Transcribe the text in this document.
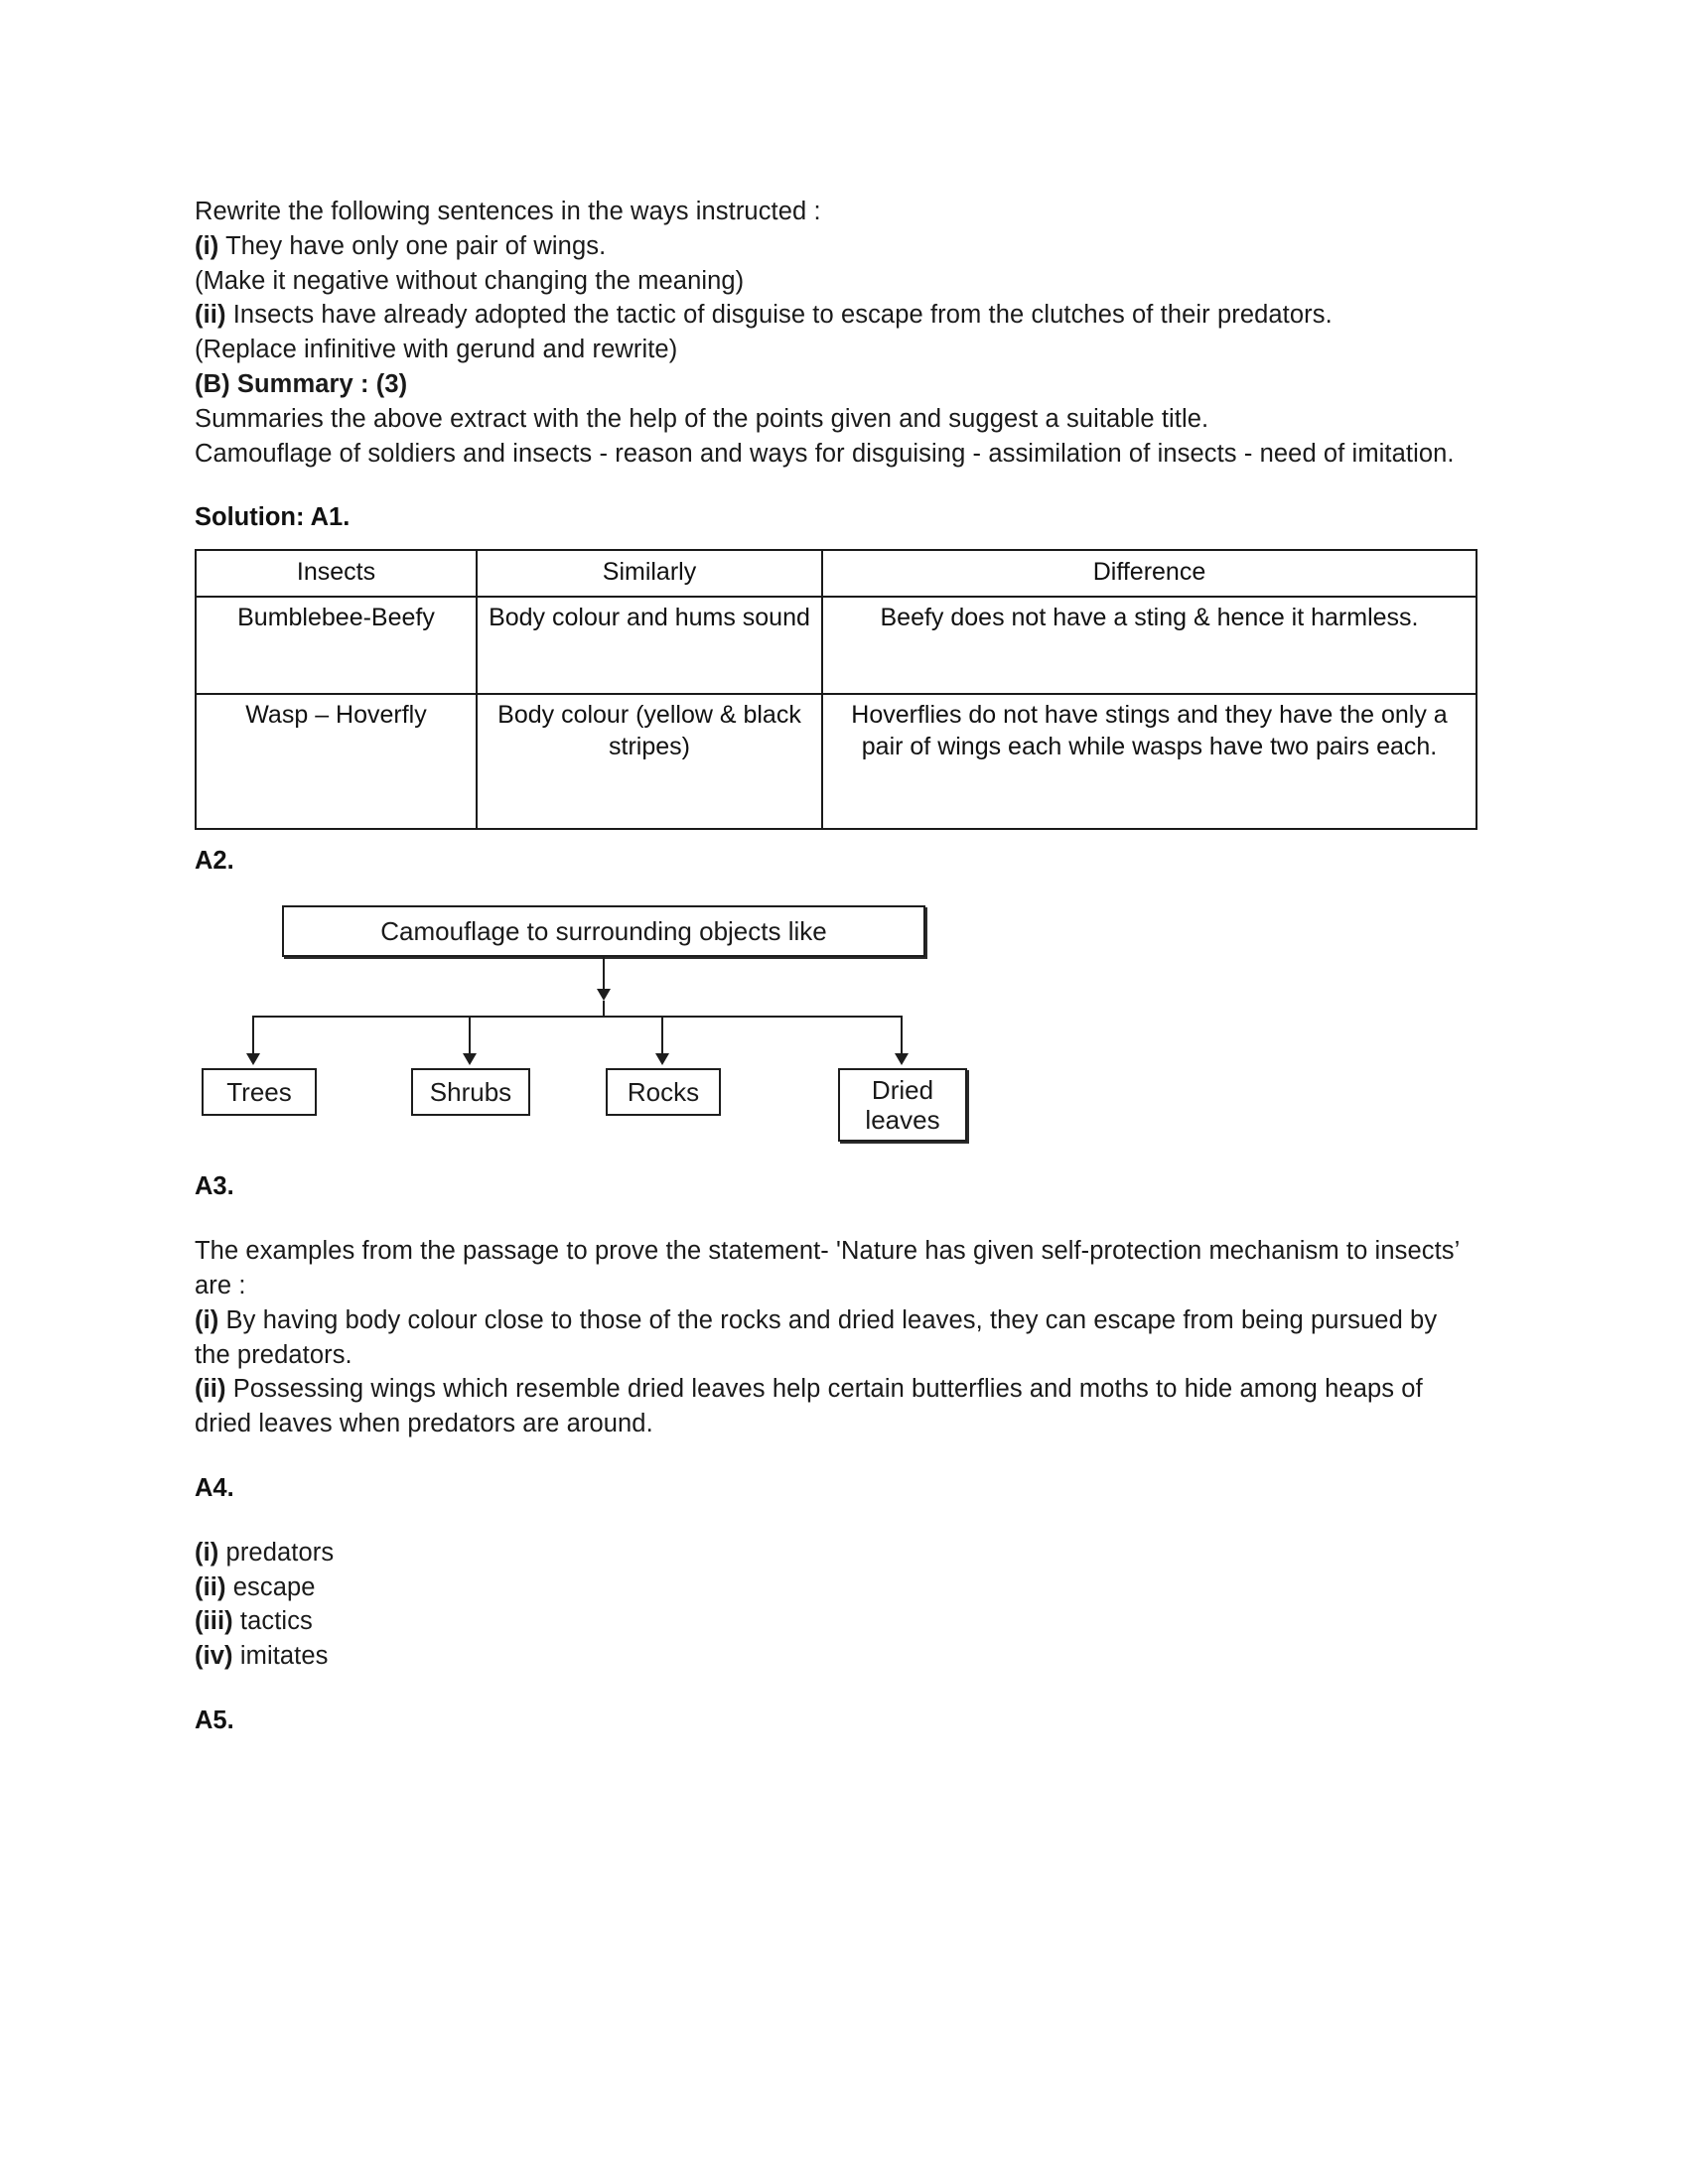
Rewrite the following sentences in the ways instructed :

(i) They have only one pair of wings.

(Make it negative without changing the meaning)

(ii) Insects have already adopted the tactic of disguise to escape from the clutches of their predators.

(Replace infinitive with gerund and rewrite)

(B) Summary : (3)

Summaries the above extract with the help of the points given and suggest a suitable title.

Camouflage of soldiers and insects - reason and ways for disguising - assimilation of insects - need of imitation.

Solution: A1.

Insects	Similarly	Difference
Bumblebee-Beefy	Body colour and hums sound	Beefy does not have a sting & hence it harmless.
Wasp – Hoverfly	Body colour (yellow & black stripes)	Hoverflies do not have stings and they have the only a pair of wings each while wasps have two pairs each.

A2.

Camouflage to surrounding objects like
Trees	Shrubs	Rocks	Dried leaves

A3.

The examples from the passage to prove the statement- 'Nature has given self-protection mechanism to insects’ are :

(i) By having body colour close to those of the rocks and dried leaves, they can escape from being pursued by the predators.

(ii) Possessing wings which resemble dried leaves help certain butterflies and moths to hide among heaps of dried leaves when predators are around.

A4.

(i) predators

(ii) escape

(iii) tactics

(iv) imitates

A5.
